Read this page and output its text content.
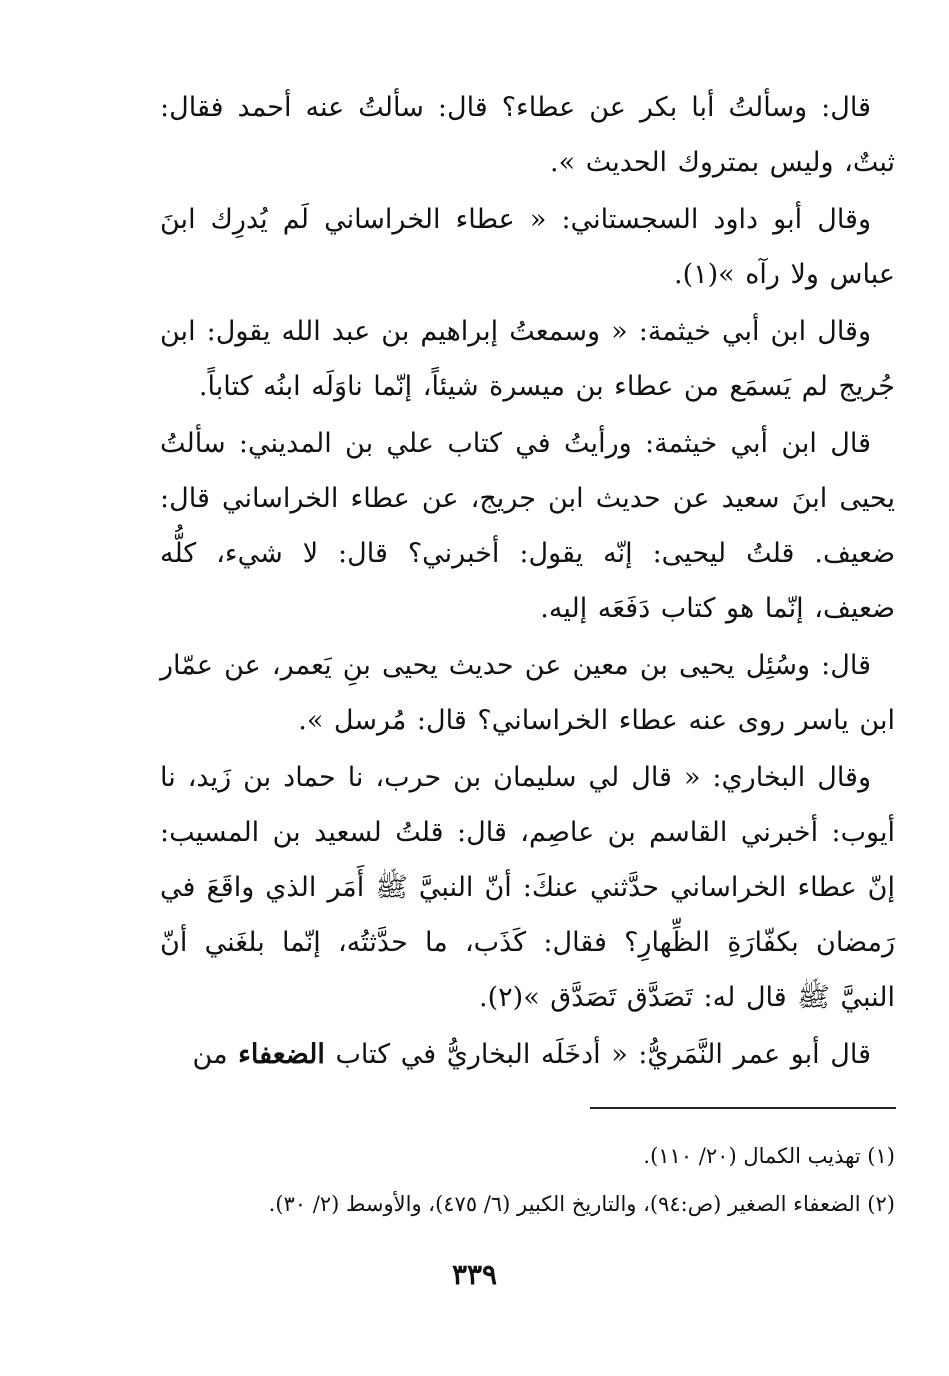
قال: وسألتُ أبا بكر عن عطاء؟ قال: سألتُ عنه أحمد فقال: ثبتٌ، وليس بمتروك الحديث ».

وقال أبو داود السجستاني: « عطاء الخراساني لَم يُدرِك ابنَ عباس ولا رآه »(١).

وقال ابن أبي خيثمة: « وسمعتُ إبراهيم بن عبد الله يقول: ابن جُريج لم يَسمَع من عطاء بن ميسرة شيئاً، إنّما ناوَلَه ابنُه كتاباً.

قال ابن أبي خيثمة: ورأيتُ في كتاب علي بن المديني: سألتُ يحيى ابنَ سعيد عن حديث ابن جريج، عن عطاء الخراساني قال: ضعيف. قلتُ ليحيى: إنّه يقول: أخبرني؟ قال: لا شيء، كلُّه ضعيف، إنّما هو كتاب دَفَعَه إليه.

قال: وسُئِل يحيى بن معين عن حديث يحيى بنِ يَعمر، عن عمّار ابن ياسر روى عنه عطاء الخراساني؟ قال: مُرسل ».

وقال البخاري: « قال لي سليمان بن حرب، نا حماد بن زَيد، نا أيوب: أخبرني القاسم بن عاصِم، قال: قلتُ لسعيد بن المسيب: إنّ عطاء الخراساني حدَّثني عنكَ: أنّ النبيَّ ﷺ أَمَر الذي واقَعَ في رَمضان بكفّارَةِ الظِّهارِ؟ فقال: كَذَب، ما حدَّثتُه، إنّما بلغَني أنّ النبيَّ ﷺ قال له: تَصَدَّق تَصَدَّق »(٢).

قال أبو عمر النَّمَريُّ: « أدخَلَه البخاريُّ في كتاب الضعفاء من

(١) تهذيب الكمال (٢٠/ ١١٠).

(٢) الضعفاء الصغير (ص:٩٤)، والتاريخ الكبير (٦/ ٤٧٥)، والأوسط (٢/ ٣٠).

٣٣٩
